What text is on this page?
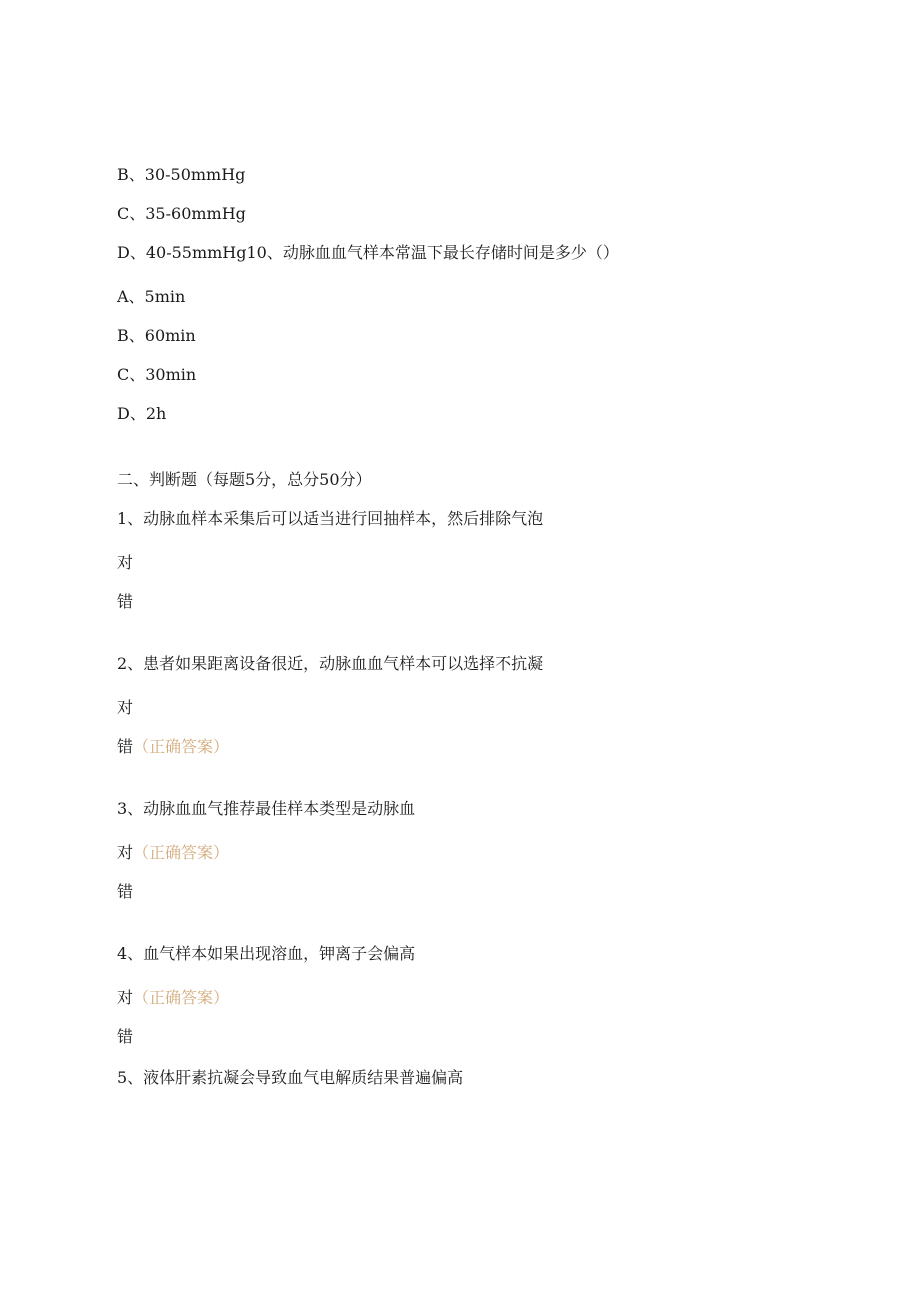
B、30-50mmHg
C、35-60mmHg
D、40-55mmHg10、动脉血血气样本常温下最长存储时间是多少（）
A、5min
B、60min
C、30min
D、2h
二、判断题（每题5分，总分50分）
1、动脉血样本采集后可以适当进行回抽样本，然后排除气泡
对
错
2、患者如果距离设备很近，动脉血血气样本可以选择不抗凝
对
错（正确答案）
3、动脉血血气推荐最佳样本类型是动脉血
对（正确答案）
错
4、血气样本如果出现溶血，钾离子会偏高
对（正确答案）
错
5、液体肝素抗凝会导致血气电解质结果普遍偏高
